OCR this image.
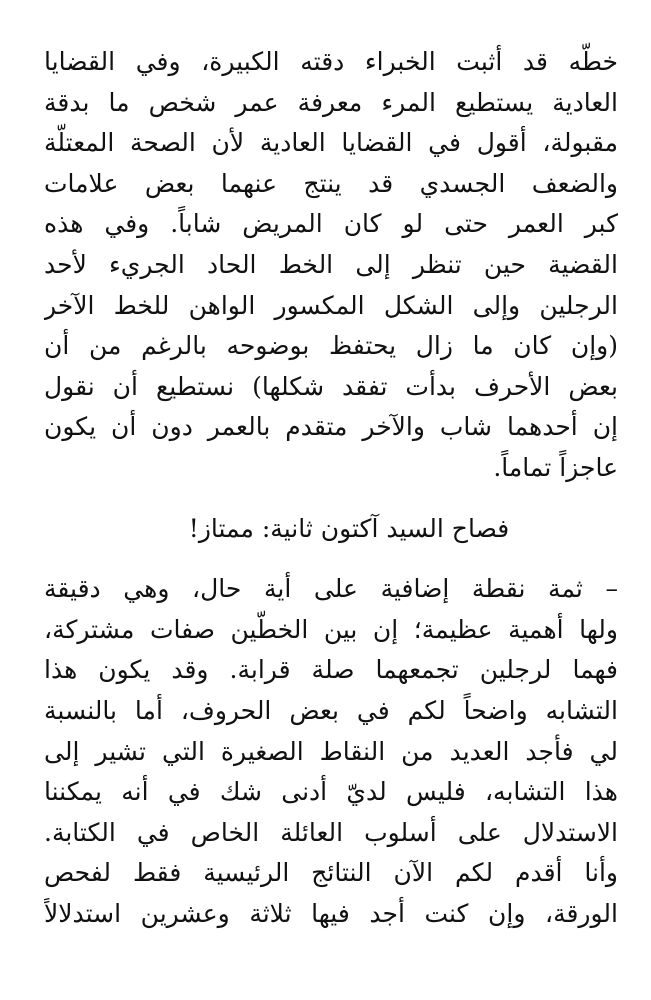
خطّه قد أثبت الخبراء دقته الكبيرة، وفي القضايا
العادية يستطيع المرء معرفة عمر شخص ما بدقة
مقبولة، أقول في القضايا العادية لأن الصحة المعتلّة
والضعف الجسدي قد ينتج عنهما بعض علامات
كبر العمر حتى لو كان المريض شاباً. وفي هذه
القضية حين تنظر إلى الخط الحاد الجريء لأحد
الرجلين وإلى الشكل المكسور الواهن للخط الآخر
(وإن كان ما زال يحتفظ بوضوحه بالرغم من أن
بعض الأحرف بدأت تفقد شكلها) نستطيع أن نقول
إن أحدهما شاب والآخر متقدم بالعمر دون أن يكون
عاجزاً تماماً.
فصاح السيد آكتون ثانية: ممتاز!
– ثمة نقطة إضافية على أية حال، وهي دقيقة
ولها أهمية عظيمة؛ إن بين الخطّين صفات مشتركة،
فهما لرجلين تجمعهما صلة قرابة. وقد يكون هذا
التشابه واضحاً لكم في بعض الحروف، أما بالنسبة
لي فأجد العديد من النقاط الصغيرة التي تشير إلى
هذا التشابه، فليس لديّ أدنى شك في أنه يمكننا
الاستدلال على أسلوب العائلة الخاص في الكتابة.
وأنا أقدم لكم الآن النتائج الرئيسية فقط لفحص
الورقة، وإن كنت أجد فيها ثلاثة وعشرين استدلالاً
